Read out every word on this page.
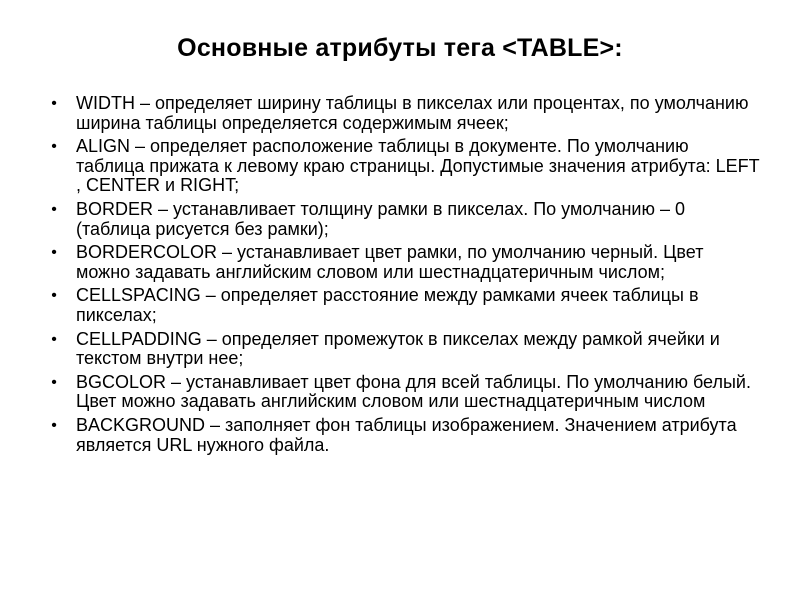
Основные атрибуты тега <TABLE>:
• WIDTH – определяет ширину таблицы в пикселах или процентах, по умолчанию ширина таблицы определяется содержимым ячеек;
• ALIGN – определяет расположение таблицы в документе. По умолчанию таблица прижата к левому краю страницы. Допустимые значения атрибута: LEFT , CENTER и RIGHT;
• BORDER – устанавливает толщину рамки в пикселах. По умолчанию – 0 (таблица рисуется без рамки);
• BORDERCOLOR – устанавливает цвет рамки, по умолчанию черный. Цвет можно задавать английским словом или шестнадцатеричным числом;
• CELLSPACING – определяет расстояние между рамками ячеек таблицы в пикселах;
• CELLPADDING – определяет промежуток в пикселах между рамкой ячейки и текстом внутри нее;
• BGCOLOR – устанавливает цвет фона для всей таблицы. По умолчанию белый. Цвет можно задавать английским словом или шестнадцатеричным числом
• BACKGROUND – заполняет фон таблицы изображением. Значением атрибута является URL нужного файла.
